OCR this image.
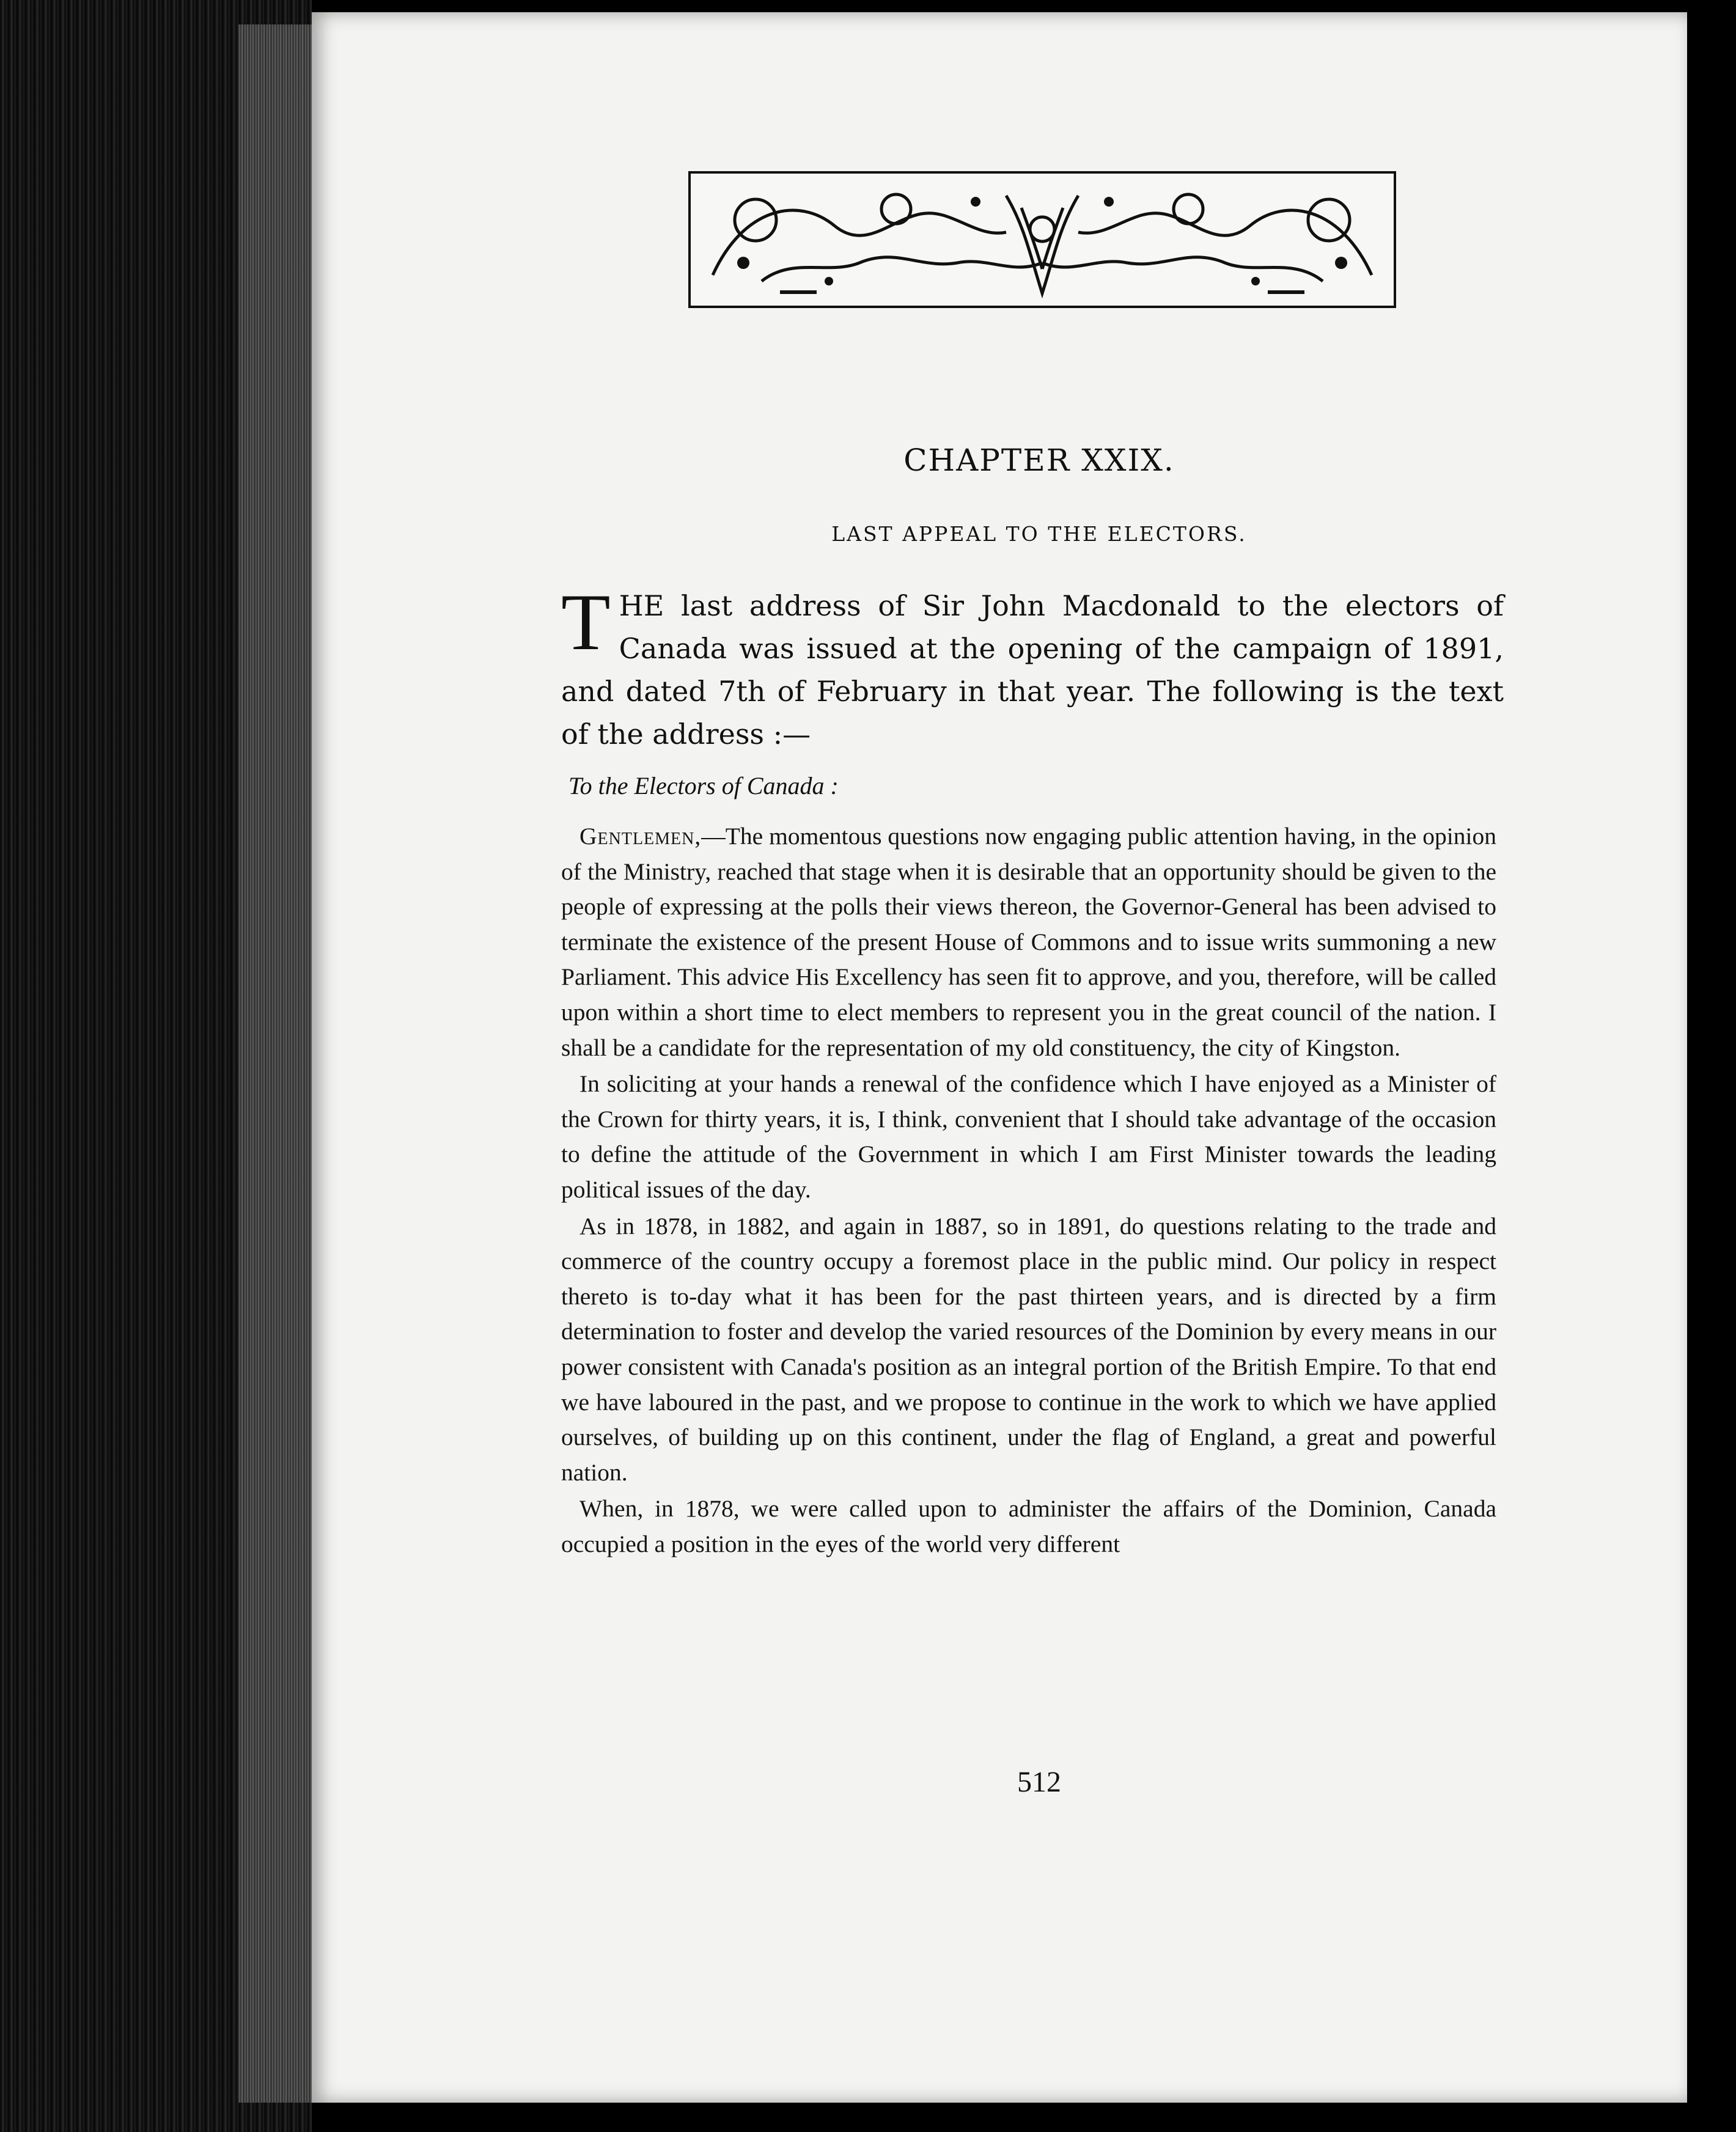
CHAPTER XXIX.
LAST APPEAL TO THE ELECTORS.

THE last address of Sir John Macdonald to the electors of Canada was issued at the opening of the campaign of 1891, and dated 7th of February in that year. The following is the text of the address :—

To the Electors of Canada :

Gentlemen,—The momentous questions now engaging public attention having, in the opinion of the Ministry, reached that stage when it is desirable that an opportunity should be given to the people of expressing at the polls their views thereon, the Governor-General has been advised to terminate the existence of the present House of Commons and to issue writs summoning a new Parliament. This advice His Excellency has seen fit to approve, and you, therefore, will be called upon within a short time to elect members to represent you in the great council of the nation. I shall be a candidate for the representation of my old constituency, the city of Kingston.

In soliciting at your hands a renewal of the confidence which I have enjoyed as a Minister of the Crown for thirty years, it is, I think, convenient that I should take advantage of the occasion to define the attitude of the Government in which I am First Minister towards the leading political issues of the day.

As in 1878, in 1882, and again in 1887, so in 1891, do questions relating to the trade and commerce of the country occupy a foremost place in the public mind. Our policy in respect thereto is to-day what it has been for the past thirteen years, and is directed by a firm determination to foster and develop the varied resources of the Dominion by every means in our power consistent with Canada's position as an integral portion of the British Empire. To that end we have laboured in the past, and we propose to continue in the work to which we have applied ourselves, of building up on this continent, under the flag of England, a great and powerful nation.

When, in 1878, we were called upon to administer the affairs of the Dominion, Canada occupied a position in the eyes of the world very different

512
